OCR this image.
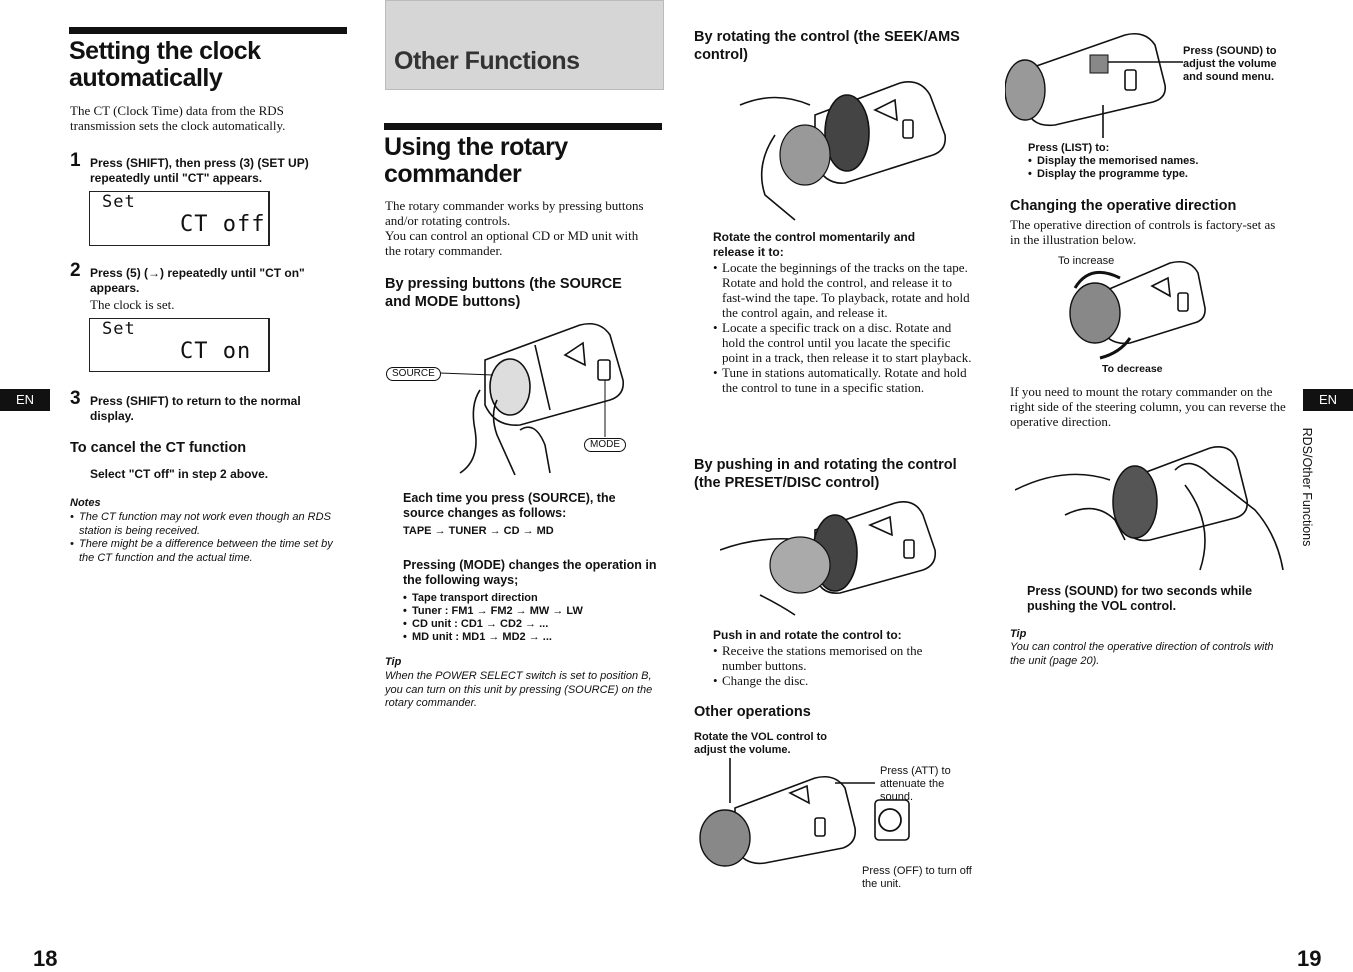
Setting the clock automatically
The CT (Clock Time) data from the RDS transmission sets the clock automatically.
1 Press (SHIFT), then press (3) (SET UP) repeatedly until "CT" appears.
Set
CT off
2 Press (5) (→) repeatedly until "CT on" appears.
The clock is set.
Set
CT on
EN	3 Press (SHIFT) to return to the normal display.
To cancel the CT function
Select "CT off" in step 2 above.
Notes
• The CT function may not work even though an RDS station is being received.
• There might be a difference between the time set by the CT function and the actual time.
18
Other Functions
Using the rotary commander
The rotary commander works by pressing buttons and/or rotating controls.
You can control an optional CD or MD unit with the rotary commander.
By pressing buttons (the SOURCE and MODE buttons)
SOURCE
MODE
Each time you press (SOURCE), the source changes as follows:
TAPE → TUNER → CD → MD
Pressing (MODE) changes the operation in the following ways;
• Tape transport direction
• Tuner : FM1 → FM2 → MW → LW
• CD unit : CD1 → CD2 → ...
• MD unit : MD1 → MD2 → ...
Tip
When the POWER SELECT switch is set to position B, you can turn on this unit by pressing (SOURCE) on the rotary commander.
By rotating the control (the SEEK/AMS control)
Rotate the control momentarily and release it to:
• Locate the beginnings of the tracks on the tape. Rotate and hold the control, and release it to fast-wind the tape. To playback, rotate and hold the control again, and release it.
• Locate a specific track on a disc. Rotate and hold the control until you lacate the specific point in a track, then release it to start playback.
• Tune in stations automatically. Rotate and hold the control to tune in a specific station.
By pushing in and rotating the control (the PRESET/DISC control)
Push in and rotate the control to:
• Receive the stations memorised on the number buttons.
• Change the disc.
Other operations
Rotate the VOL control to adjust the volume.
Press (ATT) to attenuate the sound.
Press (OFF) to turn off the unit.
Press (SOUND) to adjust the volume and sound menu.
Press (LIST) to:
• Display the memorised names.
• Display the programme type.
Changing the operative direction
The operative direction of controls is factory-set as in the illustration below.
To increase
To decrease
If you need to mount the rotary commander on the right side of the steering column, you can reverse the operative direction.
Press (SOUND) for two seconds while pushing the VOL control.
Tip
You can control the operative direction of controls with the unit (page 20).
EN
RDS/Other Functions
19
